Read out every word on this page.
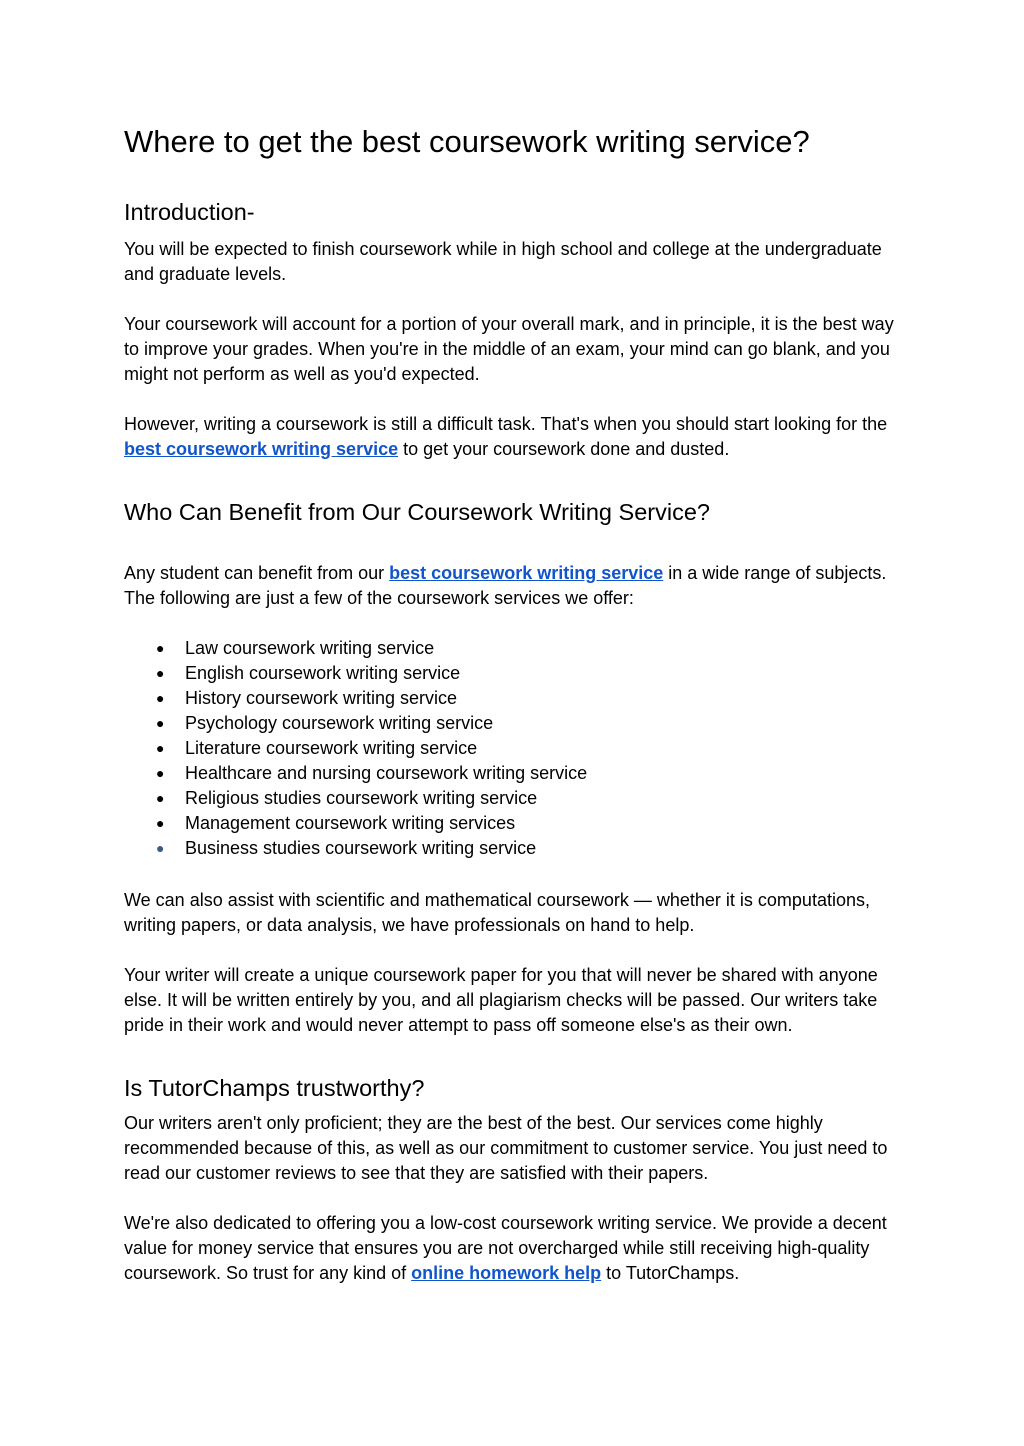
Where to get the best coursework writing service?
Introduction-

You will be expected to finish coursework while in high school and college at the undergraduate and graduate levels.

Your coursework will account for a portion of your overall mark, and in principle, it is the best way to improve your grades. When you're in the middle of an exam, your mind can go blank, and you might not perform as well as you'd expected.

However, writing a coursework is still a difficult task. That's when you should start looking for the best coursework writing service to get your coursework done and dusted.

Who Can Benefit from Our Coursework Writing Service?

Any student can benefit from our best coursework writing service in a wide range of subjects. The following are just a few of the coursework services we offer:

● Law coursework writing service
● English coursework writing service
● History coursework writing service
● Psychology coursework writing service
● Literature coursework writing service
● Healthcare and nursing coursework writing service
● Religious studies coursework writing service
● Management coursework writing services
● Business studies coursework writing service

We can also assist with scientific and mathematical coursework — whether it is computations, writing papers, or data analysis, we have professionals on hand to help.

Your writer will create a unique coursework paper for you that will never be shared with anyone else. It will be written entirely by you, and all plagiarism checks will be passed. Our writers take pride in their work and would never attempt to pass off someone else's as their own.

Is TutorChamps trustworthy?

Our writers aren't only proficient; they are the best of the best. Our services come highly recommended because of this, as well as our commitment to customer service. You just need to read our customer reviews to see that they are satisfied with their papers.

We're also dedicated to offering you a low-cost coursework writing service. We provide a decent value for money service that ensures you are not overcharged while still receiving high-quality coursework. So trust for any kind of online homework help to TutorChamps.
